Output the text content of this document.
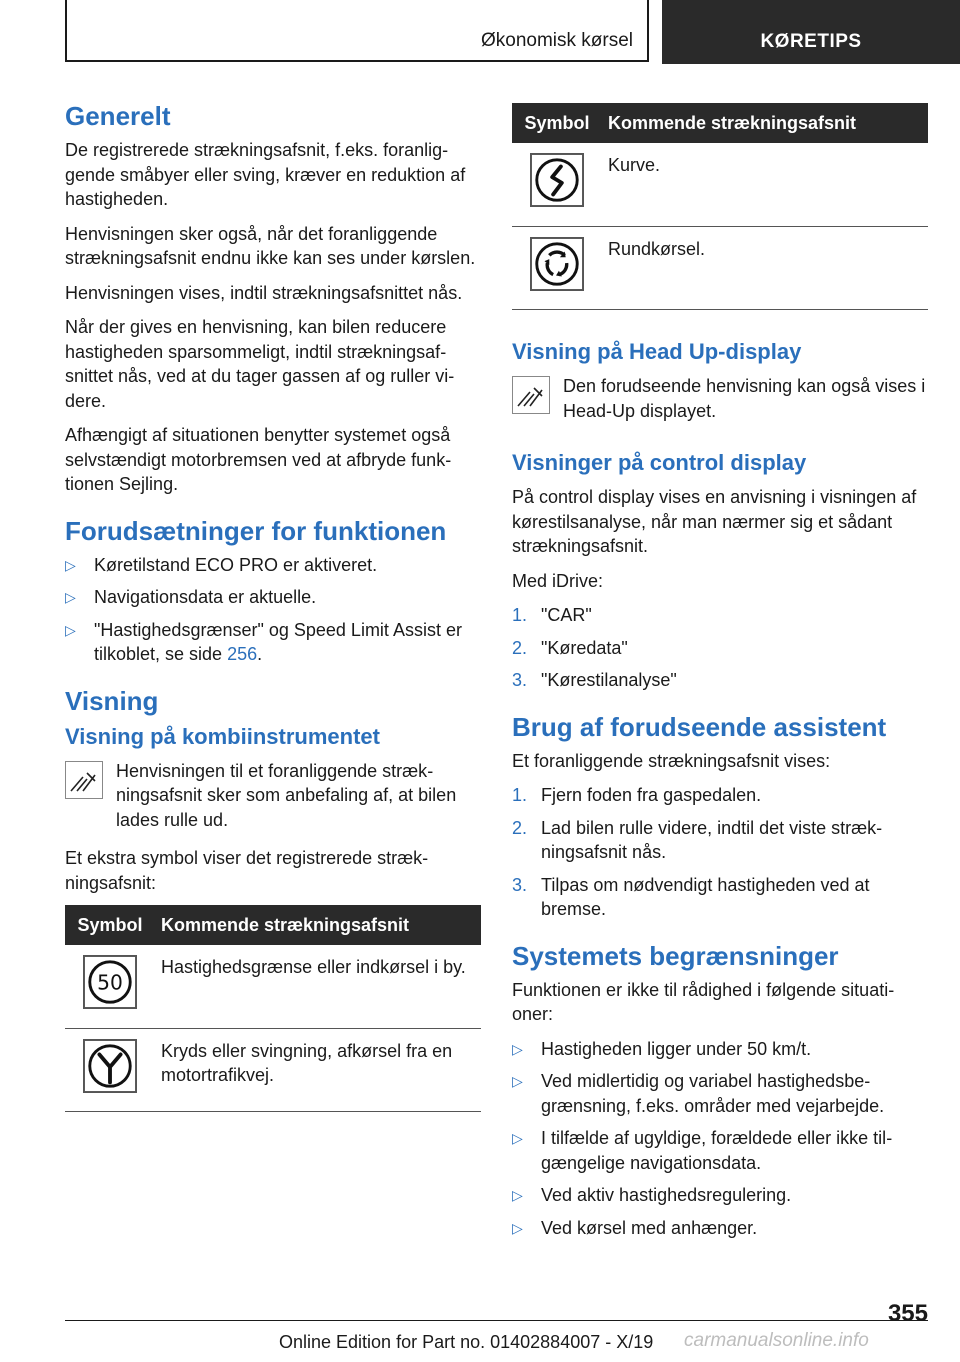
Økonomisk kørsel	KØRETIPS
Generelt

De registrerede strækningsafsnit, f.eks. foranliggende småbyer eller sving, kræver en reduktion af hastigheden.

Henvisningen sker også, når det foranliggende strækningsafsnit endnu ikke kan ses under kørslen.

Henvisningen vises, indtil strækningsafsnittet nås.

Når der gives en henvisning, kan bilen reducere hastigheden sparsommeligt, indtil strækningsafsnittet nås, ved at du tager gassen af og ruller videre.

Afhængigt af situationen benytter systemet også selvstændigt motorbremsen ved at afbryde funktionen Sejling.

Forudsætninger for funktionen
▷ Køretilstand ECO PRO er aktiveret.
▷ Navigationsdata er aktuelle.
▷ "Hastighedsgrænser" og Speed Limit Assist er tilkoblet, se side 256.
Visning
Visning på kombiinstrumentet

Henvisningen til et foranliggende strækningsafsnit sker som anbefaling af, at bilen lades rulle ud.

Et ekstra symbol viser det registrerede strækningsafsnit:

Symbol	Kommende strækningsafsnit

50	Hastighedsgrænse eller indkørsel i by.
	Kryds eller svingning, afkørsel fra en motortrafikvej.
Symbol	Kommende strækningsafsnit
	Kurve.
	Rundkørsel.
Visning på Head Up-display

Den forudseende henvisning kan også vises i Head-Up displayet.

Visninger på control display

På control display vises en anvisning i visningen af kørestilsanalyse, når man nærmer sig et sådant strækningsafsnit.

Med iDrive:

1. "CAR"
2. "Køredata"
3. "Kørestilanalyse"
Brug af forudseende assistent

Et foranliggende strækningsafsnit vises:

1. Fjern foden fra gaspedalen.
2. Lad bilen rulle videre, indtil det viste strækningsafsnit nås.
3. Tilpas om nødvendigt hastigheden ved at bremse.
Systemets begrænsninger

Funktionen er ikke til rådighed i følgende situationer:

▷ Hastigheden ligger under 50 km/t.
▷ Ved midlertidig og variabel hastighedsbegrænsning, f.eks. områder med vejarbejde.
▷ I tilfælde af ugyldige, forældede eller ikke tilgængelige navigationsdata.
▷ Ved aktiv hastighedsregulering.
▷ Ved kørsel med anhænger.
355
Online Edition for Part no. 01402884007 - X/19 carmanualsonline.info
